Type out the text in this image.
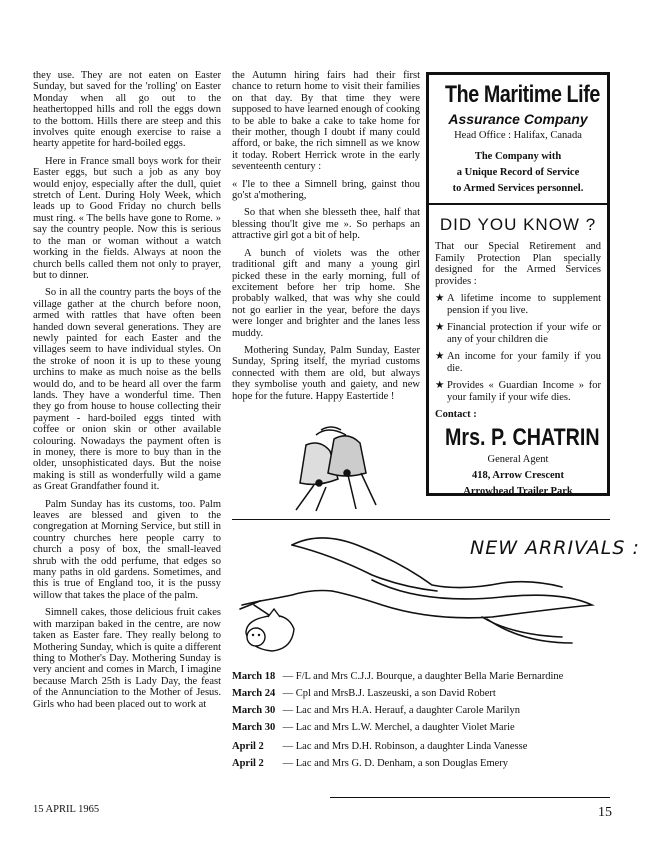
they use. They are not eaten on Easter Sunday, but saved for the 'rolling' on Easter Monday when all go out to the heathertopped hills and roll the eggs down to the bottom. Hills there are steep and this involves quite enough exercise to raise a hearty appetite for hard-boiled eggs.

Here in France small boys work for their Easter eggs, but such a job as any boy would enjoy, especially after the dull, quiet stretch of Lent. During Holy Week, which leads up to Good Friday no church bells must ring. « The bells have gone to Rome. » say the country people. Now this is serious to the man or woman without a watch working in the fields. Always at noon the church bells called them not only to prayer, but to dinner.

So in all the country parts the boys of the village gather at the church before noon, armed with rattles that have often been handed down several generations. They are newly painted for each Easter and the villages seem to have individual styles. On the stroke of noon it is up to these young urchins to make as much noise as the bells would do, and to be heard all over the farm lands. They have a wonderful time. Then they go from house to house collecting their payment - hard-boiled eggs tinted with coffee or onion skin or other available colouring. Nowadays the payment often is in money, there is more to buy than in the older, unsophisticated days. But the noise making is still as wonderfully wild a game as Great Grandfather found it.

Palm Sunday has its customs, too. Palm leaves are blessed and given to the congregation at Morning Service, but still in country churches here people carry to church a posy of box, the small-leaved shrub with the odd perfume, that edges so many paths in old gardens. Sometimes, and this is true of England too, it is the pussy willow that takes the place of the palm.

Simnell cakes, those delicious fruit cakes with marzipan baked in the centre, are now taken as Easter fare. They really belong to Mothering Sunday, which is quite a different thing to Mother's Day. Mothering Sunday is very ancient and comes in March, I imagine because March 25th is Lady Day, the feast of the Annunciation to the Mother of Jesus. Girls who had been placed out to work at

the Autumn hiring fairs had their first chance to return home to visit their families on that day. By that time they were supposed to have learned enough of cooking to be able to bake a cake to take home for their mother, though I doubt if many could afford, or bake, the rich simnell as we know it today. Robert Herrick wrote in the early seventeenth century :

« I'le to thee a Simnell bring, gainst thou go'st a'mothering,

So that when she blesseth thee, half that blessing thou'lt give me ». So perhaps an attractive girl got a bit of help.

A bunch of violets was the other traditional gift and many a young girl picked these in the early morning, full of excitement before her trip home. She probably walked, that was why she could not go earlier in the year, before the days were longer and brighter and the lanes less muddy.

Mothering Sunday, Palm Sunday, Easter Sunday, Spring itself, the myriad customs connected with them are old, but always they symbolise youth and gaiety, and new hope for the future. Happy Eastertide !

The Maritime Life
Assurance Company
Head Office : Halifax, Canada
The Company with
a Unique Record of Service
to Armed Services personnel.
DID YOU KNOW ?
That our Special Retirement and Family Protection Plan specially designed for the Armed Services provides :
★ A lifetime income to supplement pension if you live.
★ Financial protection if your wife or any of your children die
★ An income for your family if you die.
★ Provides « Guardian Income » for your family if your wife dies.
Contact :
Mrs. P. CHATRIN
General Agent
418, Arrow Crescent
Arrowhead Trailer Park
NEW ARRIVALS :
March 18 — F/L and Mrs C.J.J. Bourque, a daughter Bella Marie Bernardine
March 24 — Cpl and MrsB.J. Laszeuski, a son David Robert
March 30 — Lac and Mrs H.A. Herauf, a daughter Carole Marilyn
March 30 — Lac and Mrs L.W. Merchel, a daughter Violet Marie
April 2 — Lac and Mrs D.H. Robinson, a daughter Linda Vanesse
April 2 — Lac and Mrs G. D. Denham, a son Douglas Emery
15 APRIL 1965	15
